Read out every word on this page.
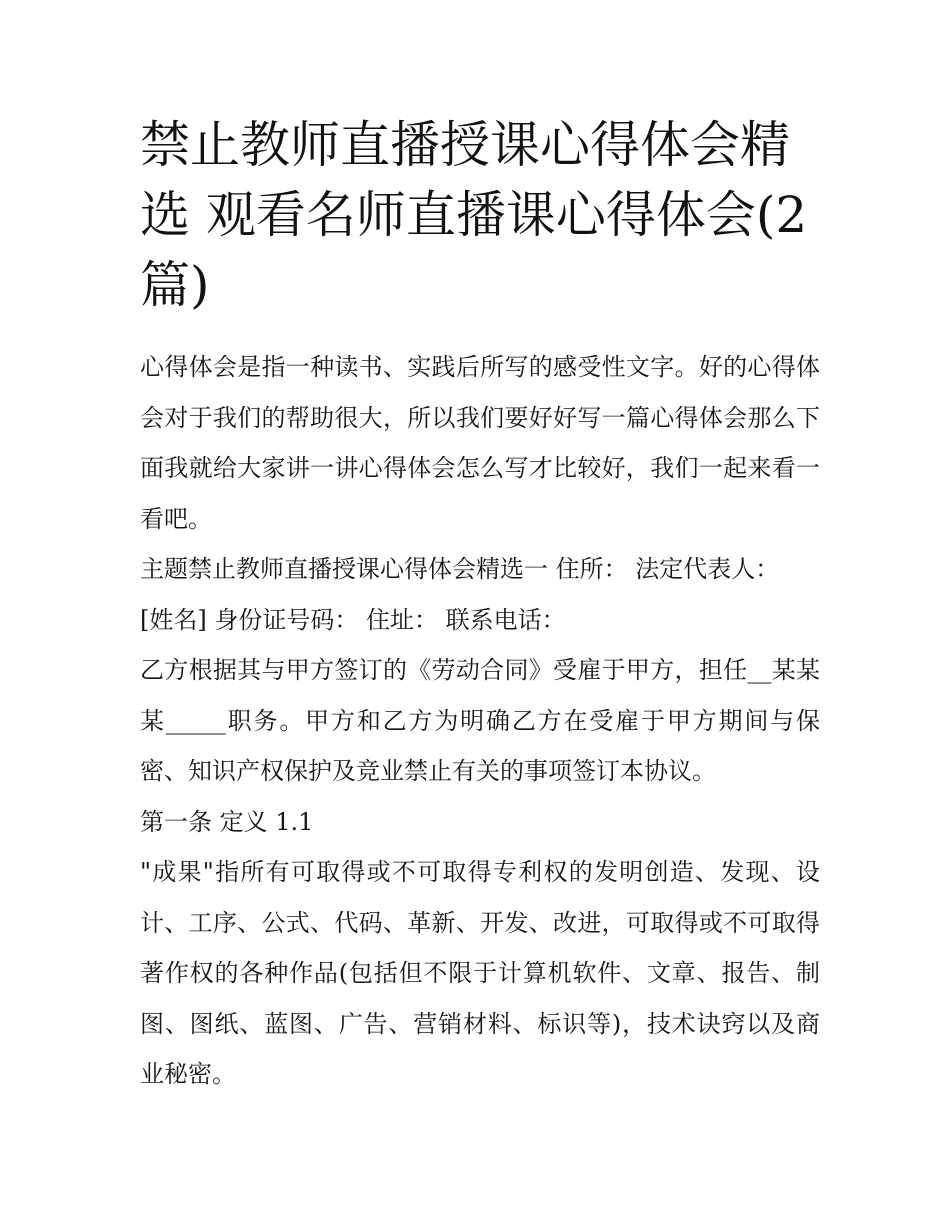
禁止教师直播授课心得体会精选 观看名师直播课心得体会(2篇)

心得体会是指一种读书、实践后所写的感受性文字。好的心得体会对于我们的帮助很大，所以我们要好好写一篇心得体会那么下面我就给大家讲一讲心得体会怎么写才比较好，我们一起来看一看吧。

主题禁止教师直播授课心得体会精选一 住所： 法定代表人：

[姓名] 身份证号码： 住址： 联系电话：

乙方根据其与甲方签订的《劳动合同》受雇于甲方，担任__某某某_____职务。甲方和乙方为明确乙方在受雇于甲方期间与保密、知识产权保护及竞业禁止有关的事项签订本协议。

第一条 定义 1.1

"成果"指所有可取得或不可取得专利权的发明创造、发现、设计、工序、公式、代码、革新、开发、改进，可取得或不可取得著作权的各种作品(包括但不限于计算机软件、文章、报告、制图、图纸、蓝图、广告、营销材料、标识等)，技术诀窍以及商业秘密。
